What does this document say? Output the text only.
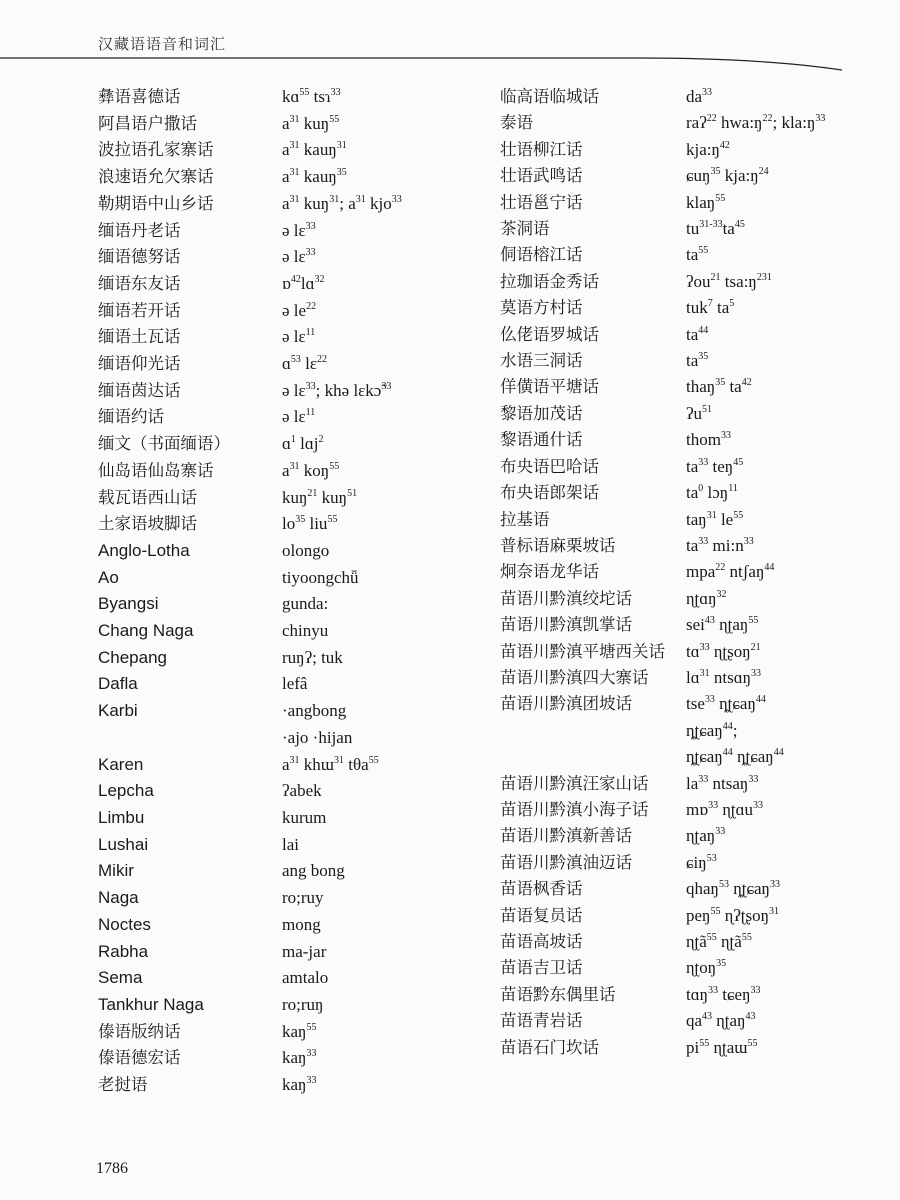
汉藏语语音和词汇
彝语喜德话	kɑ$^{55}$ tsɿ$^{33}$
阿昌语户撒话	$a^{31}$ kuŋ$^{55}$
波拉语孔家寨话	$a^{31}$ kauŋ$^{31}$
浪速语允欠寨话	$a^{31}$ kauŋ$^{35}$
勒期语中山乡话	$a^{31}$ kuŋ$^{31}$; $a^{31}$ kjo$^{33}$
缅语丹老话	ə lɛ$^{33}$
缅语德努话	ə lɛ$^{33}$
缅语东友话	ɒ$^{42}$lɑ$^{32}$
缅语若开话	ə $le^{22}$
缅语土瓦话	ə lɛ$^{11}$
缅语仰光话	ɑ$^{53}$ lɛ$^{22}$
缅语茵达话	ə lɛ$^{33}$; khə lɛkɔ̃$^{33}$
缅语约话	ə lɛ$^{11}$
缅文（书面缅语）	ɑ$^1$ lɑj$^2$
仙岛语仙岛寨话	$a^{31}$ koŋ$^{55}$
载瓦语西山话	kuŋ$^{21}$ kuŋ$^{51}$
土家语坡脚话	$lo^{35}$ liu$^{55}$
Anglo-Lotha	olongo
Ao	tiyoongchǖ
Byangsi	gunda:
Chang Naga	chinyu
Chepang	ruŋʔ; tuk
Dafla	lefâ
Karbi	·angbong
·ajo ·hijan
Karen	$a^{31}$ khɯ$^{31}$ tθa$^{55}$
Lepcha	ʔabek
Limbu	kurum
Lushai	lai
Mikir	ang bong
Naga	ro;ruy
Noctes	mong
Rabha	ma-jar
Sema	amtalo
Tankhur Naga	ro;ruŋ
傣语版纳话	kaŋ$^{55}$
傣语德宏话	kaŋ$^{33}$
老挝语	kaŋ$^{33}$
临高语临城话	$da^{33}$
泰语	raʔ$^{22}$ $hwa:ŋ^{22}$; $kla:ŋ^{33}$
壮语柳江话	$kja:ŋ^{42}$
壮语武鸣话	ɕuŋ$^{35}$ $kja:ŋ^{24}$
壮语邕宁话	klaŋ$^{55}$
茶洞语	$tu^{31-33}ta^{45}$
侗语榕江话	$ta^{55}$
拉珈语金秀话	ʔou$^{21}$ $tsa:ŋ^{231}$
莫语方村话	tuk$^7$ $ta^5$
仫佬语罗城话	$ta^{44}$
水语三洞话	$ta^{35}$
佯僙语平塘话	thaŋ$^{35}$ $ta^{42}$
黎语加茂话	ʔu$^{51}$
黎语通什话	thom$^{33}$
布央语巴哈话	$ta^{33}$ teŋ$^{45}$
布央语郎架话	$ta^0$ lɔŋ$^{11}$
拉基语	taŋ$^{31}$ $le^{55}$
普标语麻栗坡话	$ta^{33}$ $mi:n^{33}$
炯奈语龙华话	mpa$^{22}$ ntʃaŋ$^{44}$
苗语川黔滇绞坨话	ɳʈɑŋ$^{32}$
苗语川黔滇凯掌话	sei$^{43}$ ɳʈaŋ$^{55}$
苗语川黔滇平塘西关话	tɑ$^{33}$ ɳʈʂoŋ$^{21}$
苗语川黔滇四大寨话	lɑ$^{31}$ ntsɑŋ$^{33}$
苗语川黔滇团坡话	tse$^{33}$ ȵʈɕaŋ$^{44}$
ȵʈɕaŋ$^{44}$;
ȵʈɕaŋ$^{44}$ ȵʈɕaŋ$^{44}$
苗语川黔滇汪家山话	$la^{33}$ ntsaŋ$^{33}$
苗语川黔滇小海子话	mɒ$^{33}$ ɳʈɑu$^{33}$
苗语川黔滇新善话	ɳʈaŋ$^{33}$
苗语川黔滇油迈话	ɕiŋ$^{53}$
苗语枫香话	qhaŋ$^{53}$ ȵʈɕaŋ$^{33}$
苗语复员话	peŋ$^{55}$ ɳʔʈʂoŋ$^{31}$
苗语高坡话	ɳʈã$^{55}$ ɳʈã$^{55}$
苗语吉卫话	ɳʈoŋ$^{35}$
苗语黔东偶里话	tɑŋ$^{33}$ tɕeŋ$^{33}$
苗语青岩话	$qa^{43}$ ɳʈaŋ$^{43}$
苗语石门坎话	$pi^{55}$ ɳʈaɯ$^{55}$
1786
